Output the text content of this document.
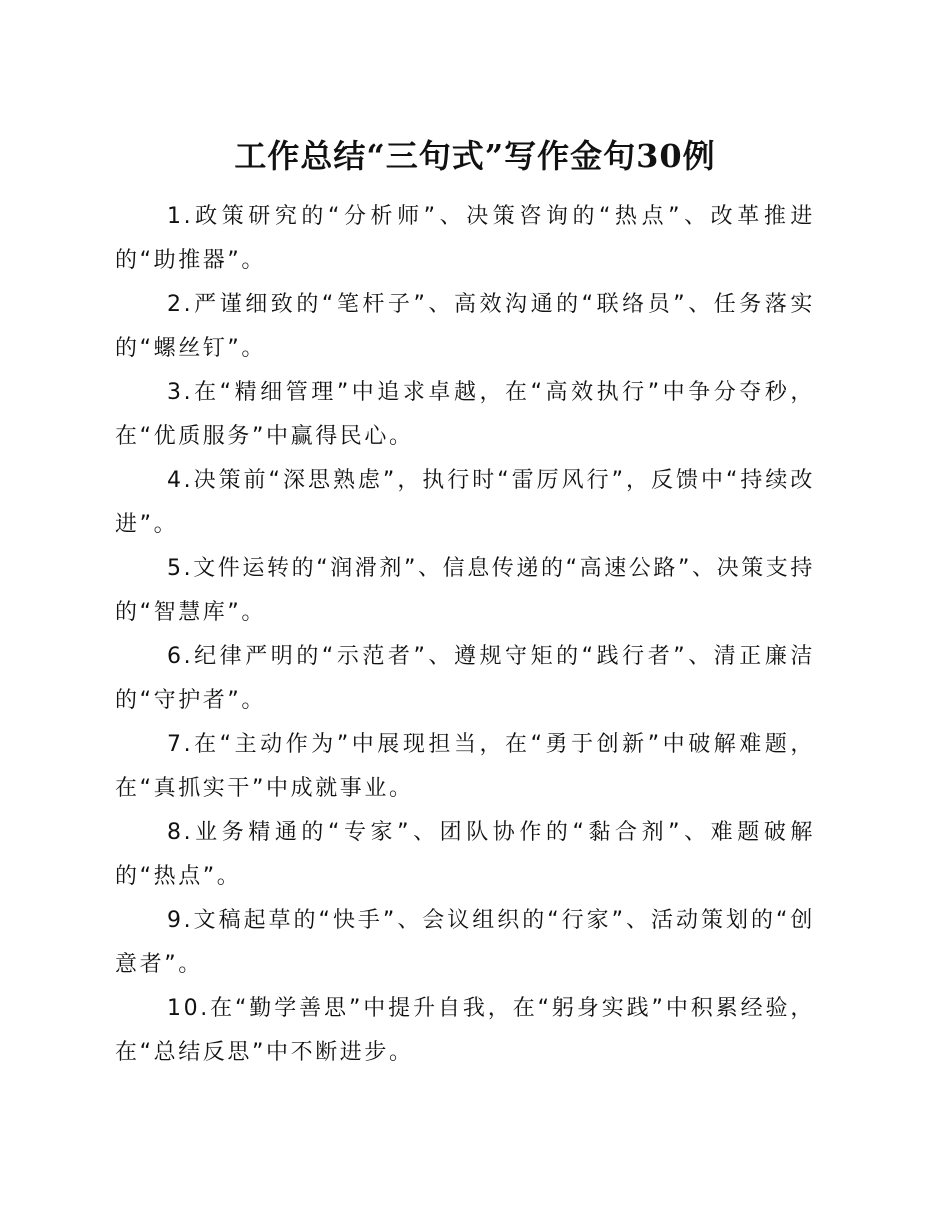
工作总结“三句式”写作金句30例

1.政策研究的“分析师”、决策咨询的“热点”、改革推进的“助推器”。

2.严谨细致的“笔杆子”、高效沟通的“联络员”、任务落实的“螺丝钉”。

3.在“精细管理”中追求卓越，在“高效执行”中争分夺秒，在“优质服务”中赢得民心。

4.决策前“深思熟虑”，执行时“雷厉风行”，反馈中“持续改进”。

5.文件运转的“润滑剂”、信息传递的“高速公路”、决策支持的“智慧库”。

6.纪律严明的“示范者”、遵规守矩的“践行者”、清正廉洁的“守护者”。

7.在“主动作为”中展现担当，在“勇于创新”中破解难题，在“真抓实干”中成就事业。

8.业务精通的“专家”、团队协作的“黏合剂”、难题破解的“热点”。

9.文稿起草的“快手”、会议组织的“行家”、活动策划的“创意者”。

10.在“勤学善思”中提升自我，在“躬身实践”中积累经验，在“总结反思”中不断进步。
